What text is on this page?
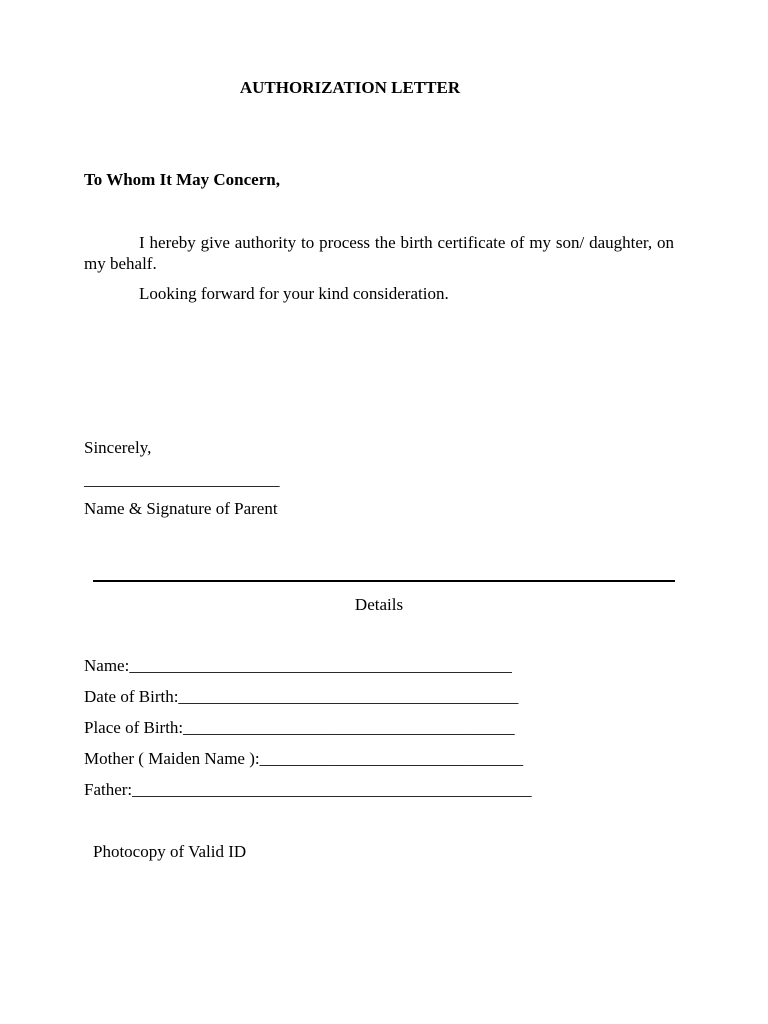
AUTHORIZATION LETTER
To Whom It May Concern,
I hereby give authority to process the birth certificate of my son/ daughter, on my behalf.
Looking forward for your kind consideration.
Sincerely,
_______________________
Name & Signature of Parent
Details
Name:_____________________________________________
Date of Birth:________________________________________
Place of Birth:_______________________________________
Mother ( Maiden Name ):_______________________________
Father:_______________________________________________
Photocopy of Valid ID
